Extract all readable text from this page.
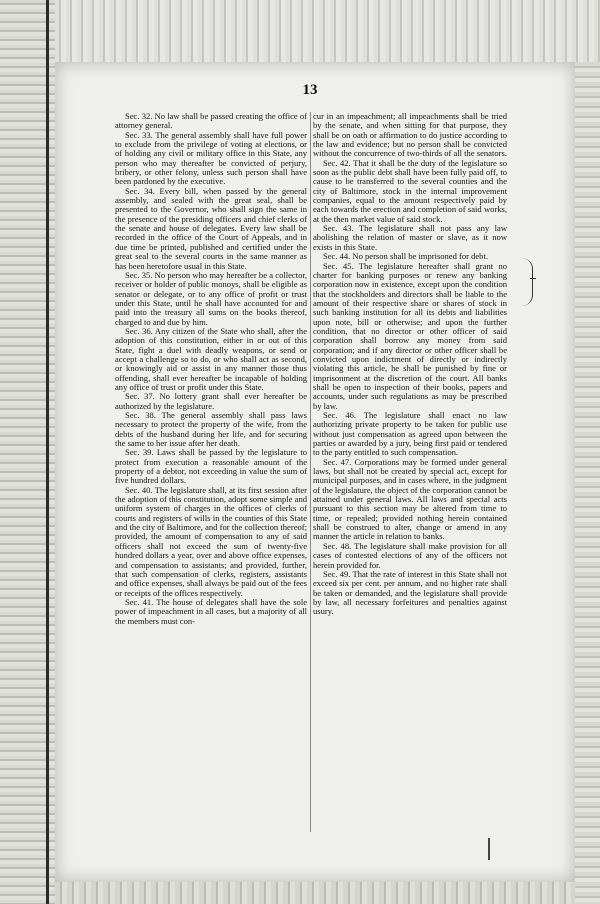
13

Sec. 32. No law shall be passed creating the office of attorney general.

Sec. 33. The general assembly shall have full power to exclude from the privilege of voting at elections, or of holding any civil or military office in this State, any person who may thereafter be convicted of perjury, bribery, or other felony, unless such person shall have been pardoned by the executive.

Sec. 34. Every bill, when passed by the general assembly, and sealed with the great seal, shall be presented to the Governor, who shall sign the same in the presence of the presiding officers and chief clerks of the senate and house of delegates. Every law shall be recorded in the office of the Court of Appeals, and in due time be printed, published and certified under the great seal to the several courts in the same manner as has been heretofore usual in this State.

Sec. 35. No person who may hereafter be a collector, receiver or holder of public monoys, shall be eligible as senator or delegate, or to any office of profit or trust under this State, until he shall have accounted for and paid into the treasury all sums on the books thereof, charged to and due by him.

Sec. 36. Any citizen of the State who shall, after the adoption of this constitution, either in or out of this State, fight a duel with deadly weapons, or send or accept a challenge so to do, or who shall act as second, or knowingly aid or assist in any manner those thus offending, shall ever hereafter be incapable of holding any office of trust or profit under this State.

Sec. 37. No lottery grant shall ever hereafter be authorized by the legislature.

Sec. 38. The general assembly shall pass laws necessary to protect the property of the wife, from the debts of the husband during her life, and for securing the same to her issue after her death.

Sec. 39. Laws shall be passed by the legislature to protect from execution a reasonable amount of the property of a debtor, not exceeding in value the sum of five hundred dollars.

Sec. 40. The legislature shall, at its first session after the adoption of this constitution, adopt some simple and uniform system of charges in the offices of clerks of courts and registers of wills in the counties of this State and the city of Baltimore, and for the collection thereof; provided, the amount of compensation to any of said officers shall not exceed the sum of twenty-five hundred dollars a year, over and above office expenses, and compensation to assistants; and provided, further, that such compensation of clerks, registers, assistants and office expenses, shall always be paid out of the fees or receipts of the offices respectively.

Sec. 41. The house of delegates shall have the sole power of impeachment in all cases, but a majority of all the members must con-

cur in an impeachment; all impeachments shall be tried by the senate, and when sitting for that purpose, they shall be on oath or affirmation to do justice according to the law and evidence; but no person shall be convicted without the concurrence of two-thirds of all the senators.

Sec. 42. That it shall be the duty of the legislature so soon as the public debt shall have been fully paid off, to cause to be transferred to the several counties and the city of Baltimore, stock in the internal improvement companies, equal to the amount respectively paid by each towards the erection and completion of said works, at the then market value of said stock.

Sec. 43. The legislature shall not pass any law abolishing the relation of master or slave, as it now exists in this State.

Sec. 44. No person shall be imprisoned for debt.

Sec. 45. The legislature hereafter shall grant no charter for banking purposes or renew any banking corporation now in existence, except upon the condition that the stockholders and directors shall be liable to the amount of their respective share or shares of stock in such banking institution for all its debts and liabilities upon note, bill or otherwise; and upon the further condition, that no director or other officer of said corporation shall borrow any money from said corporation; and if any director or other officer shall be convicted upon indictment of directly or indirectly violating this article, he shall be punished by fine or imprisonment at the discretion of the court. All banks shall be open to inspection of their books, papers and accounts, under such regulations as may be prescribed by law.

Sec. 46. The legislature shall enact no law authorizing private property to be taken for public use without just compensation as agreed upon between the parties or awarded by a jury, being first paid or tendered to the party entitled to such compensation.

Sec. 47. Corporations may be formed under general laws, but shall not be created by special act, except for municipal purposes, and in cases where, in the judgment of the legislature, the object of the corporation cannot be attained under general laws. All laws and special acts pursuant to this section may be altered from time to time, or repealed; provided nothing herein contained shall be construed to alter, change or amend in any manner the article in relation to banks.

Sec. 48. The legislature shall make provision for all cases of contested elections of any of the officers not herein provided for.

Sec. 49. That the rate of interest in this State shall not exceed six per cent. per annum, and no higher rate shall be taken or demanded, and the legislature shall provide by law, all necessary forfeitures and penalties against usury.
